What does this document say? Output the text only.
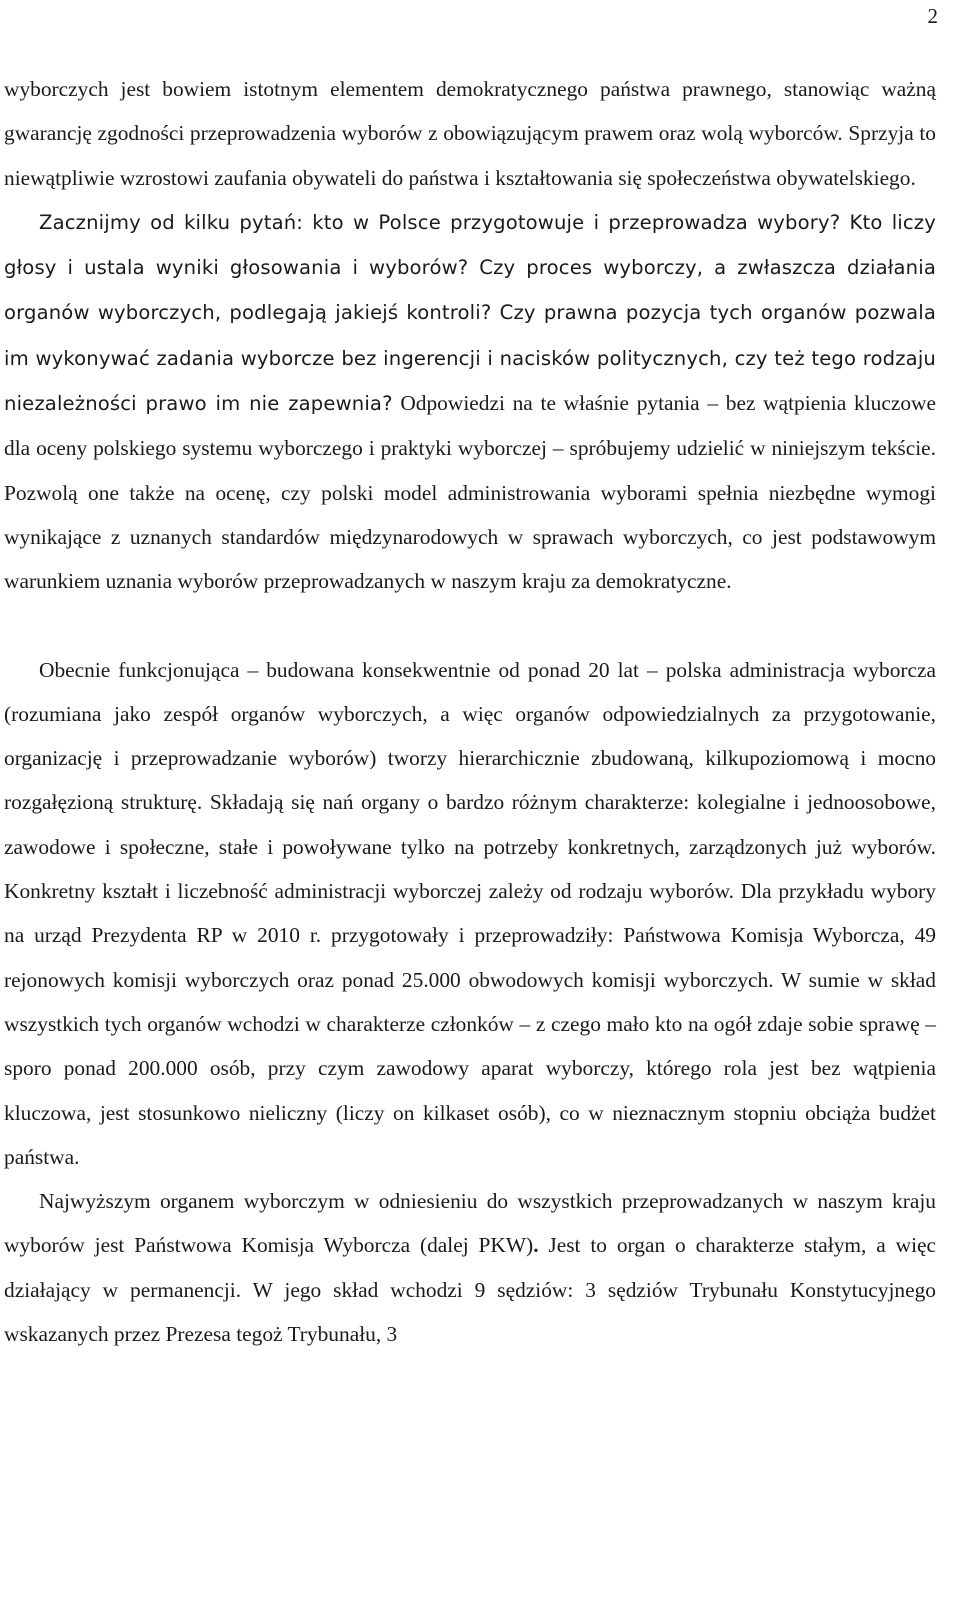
2

wyborczych jest bowiem istotnym elementem demokratycznego państwa prawnego, stanowiąc ważną gwarancję zgodności przeprowadzenia wyborów z obowiązującym prawem oraz wolą wyborców. Sprzyja to niewątpliwie wzrostowi zaufania obywateli do państwa i kształtowania się społeczeństwa obywatelskiego.

Zacznijmy od kilku pytań: kto w Polsce przygotowuje i przeprowadza wybory? Kto liczy głosy i ustala wyniki głosowania i wyborów? Czy proces wyborczy, a zwłaszcza działania organów wyborczych, podlegają jakiejś kontroli? Czy prawna pozycja tych organów pozwala im wykonywać zadania wyborcze bez ingerencji i nacisków politycznych, czy też tego rodzaju niezależności prawo im nie zapewnia? Odpowiedzi na te właśnie pytania – bez wątpienia kluczowe dla oceny polskiego systemu wyborczego i praktyki wyborczej – spróbujemy udzielić w niniejszym tekście. Pozwolą one także na ocenę, czy polski model administrowania wyborami spełnia niezbędne wymogi wynikające z uznanych standardów międzynarodowych w sprawach wyborczych, co jest podstawowym warunkiem uznania wyborów przeprowadzanych w naszym kraju za demokratyczne.

Obecnie funkcjonująca – budowana konsekwentnie od ponad 20 lat – polska administracja wyborcza (rozumiana jako zespół organów wyborczych, a więc organów odpowiedzialnych za przygotowanie, organizację i przeprowadzanie wyborów) tworzy hierarchicznie zbudowaną, kilkupoziomową i mocno rozgałęzioną strukturę. Składają się nań organy o bardzo różnym charakterze: kolegialne i jednoosobowe, zawodowe i społeczne, stałe i powoływane tylko na potrzeby konkretnych, zarządzonych już wyborów. Konkretny kształt i liczebność administracji wyborczej zależy od rodzaju wyborów. Dla przykładu wybory na urząd Prezydenta RP w 2010 r. przygotowały i przeprowadziły: Państwowa Komisja Wyborcza, 49 rejonowych komisji wyborczych oraz ponad 25.000 obwodowych komisji wyborczych. W sumie w skład wszystkich tych organów wchodzi w charakterze członków – z czego mało kto na ogół zdaje sobie sprawę – sporo ponad 200.000 osób, przy czym zawodowy aparat wyborczy, którego rola jest bez wątpienia kluczowa, jest stosunkowo nieliczny (liczy on kilkaset osób), co w nieznacznym stopniu obciąża budżet państwa.

Najwyższym organem wyborczym w odniesieniu do wszystkich przeprowadzanych w naszym kraju wyborów jest Państwowa Komisja Wyborcza (dalej PKW). Jest to organ o charakterze stałym, a więc działający w permanencji. W jego skład wchodzi 9 sędziów: 3 sędziów Trybunału Konstytucyjnego wskazanych przez Prezesa tegoż Trybunału, 3
